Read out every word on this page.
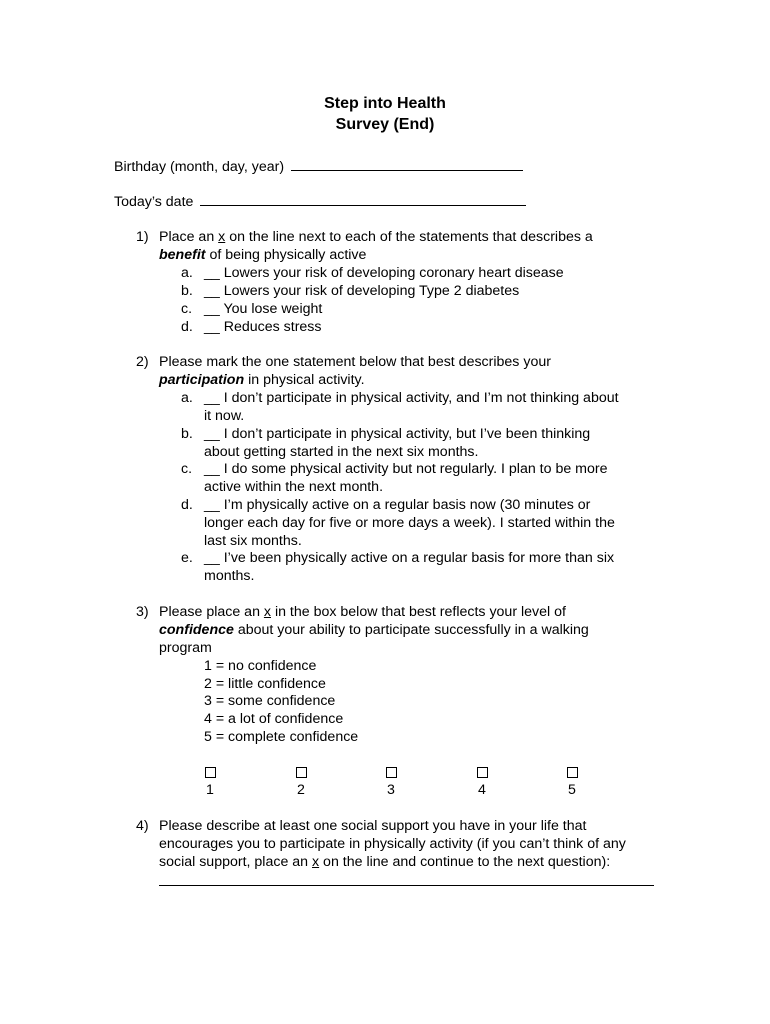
Step into Health
Survey (End)
Birthday (month, day, year)
Today’s date
1) Place an x on the line next to each of the statements that describes a
benefit of being physically active
a. __ Lowers your risk of developing coronary heart disease
b. __ Lowers your risk of developing Type 2 diabetes
c. __ You lose weight
d. __ Reduces stress
2) Please mark the one statement below that best describes your
participation in physical activity.
a. __ I don’t participate in physical activity, and I’m not thinking about
it now.
b. __ I don’t participate in physical activity, but I’ve been thinking
about getting started in the next six months.
c. __ I do some physical activity but not regularly. I plan to be more
active within the next month.
d. __ I’m physically active on a regular basis now (30 minutes or
longer each day for five or more days a week). I started within the
last six months.
e. __ I’ve been physically active on a regular basis for more than six
months.
3) Please place an x in the box below that best reflects your level of
confidence about your ability to participate successfully in a walking
program
1 = no confidence
2 = little confidence
3 = some confidence
4 = a lot of confidence
5 = complete confidence
1	2	3	4	5
4) Please describe at least one social support you have in your life that
encourages you to participate in physically activity (if you can’t think of any
social support, place an x on the line and continue to the next question):
